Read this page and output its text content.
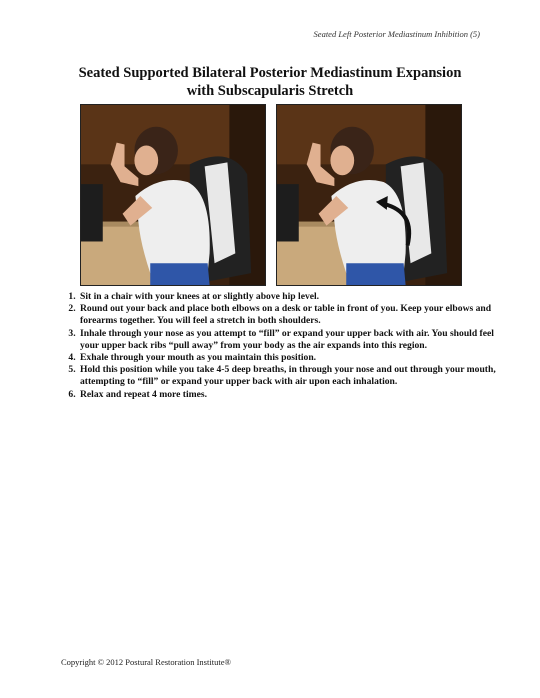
Seated Left Posterior Mediastinum Inhibition (5)
Seated Supported Bilateral Posterior Mediastinum Expansion
with Subscapularis Stretch
1. Sit in a chair with your knees at or slightly above hip level.
2. Round out your back and place both elbows on a desk or table in front of you. Keep your elbows and forearms together. You will feel a stretch in both shoulders.
3. Inhale through your nose as you attempt to “fill” or expand your upper back with air. You should feel your upper back ribs “pull away” from your body as the air expands into this region.
4. Exhale through your mouth as you maintain this position.
5. Hold this position while you take 4-5 deep breaths, in through your nose and out through your mouth, attempting to “fill” or expand your upper back with air upon each inhalation.
6. Relax and repeat 4 more times.
Copyright © 2012 Postural Restoration Institute®
